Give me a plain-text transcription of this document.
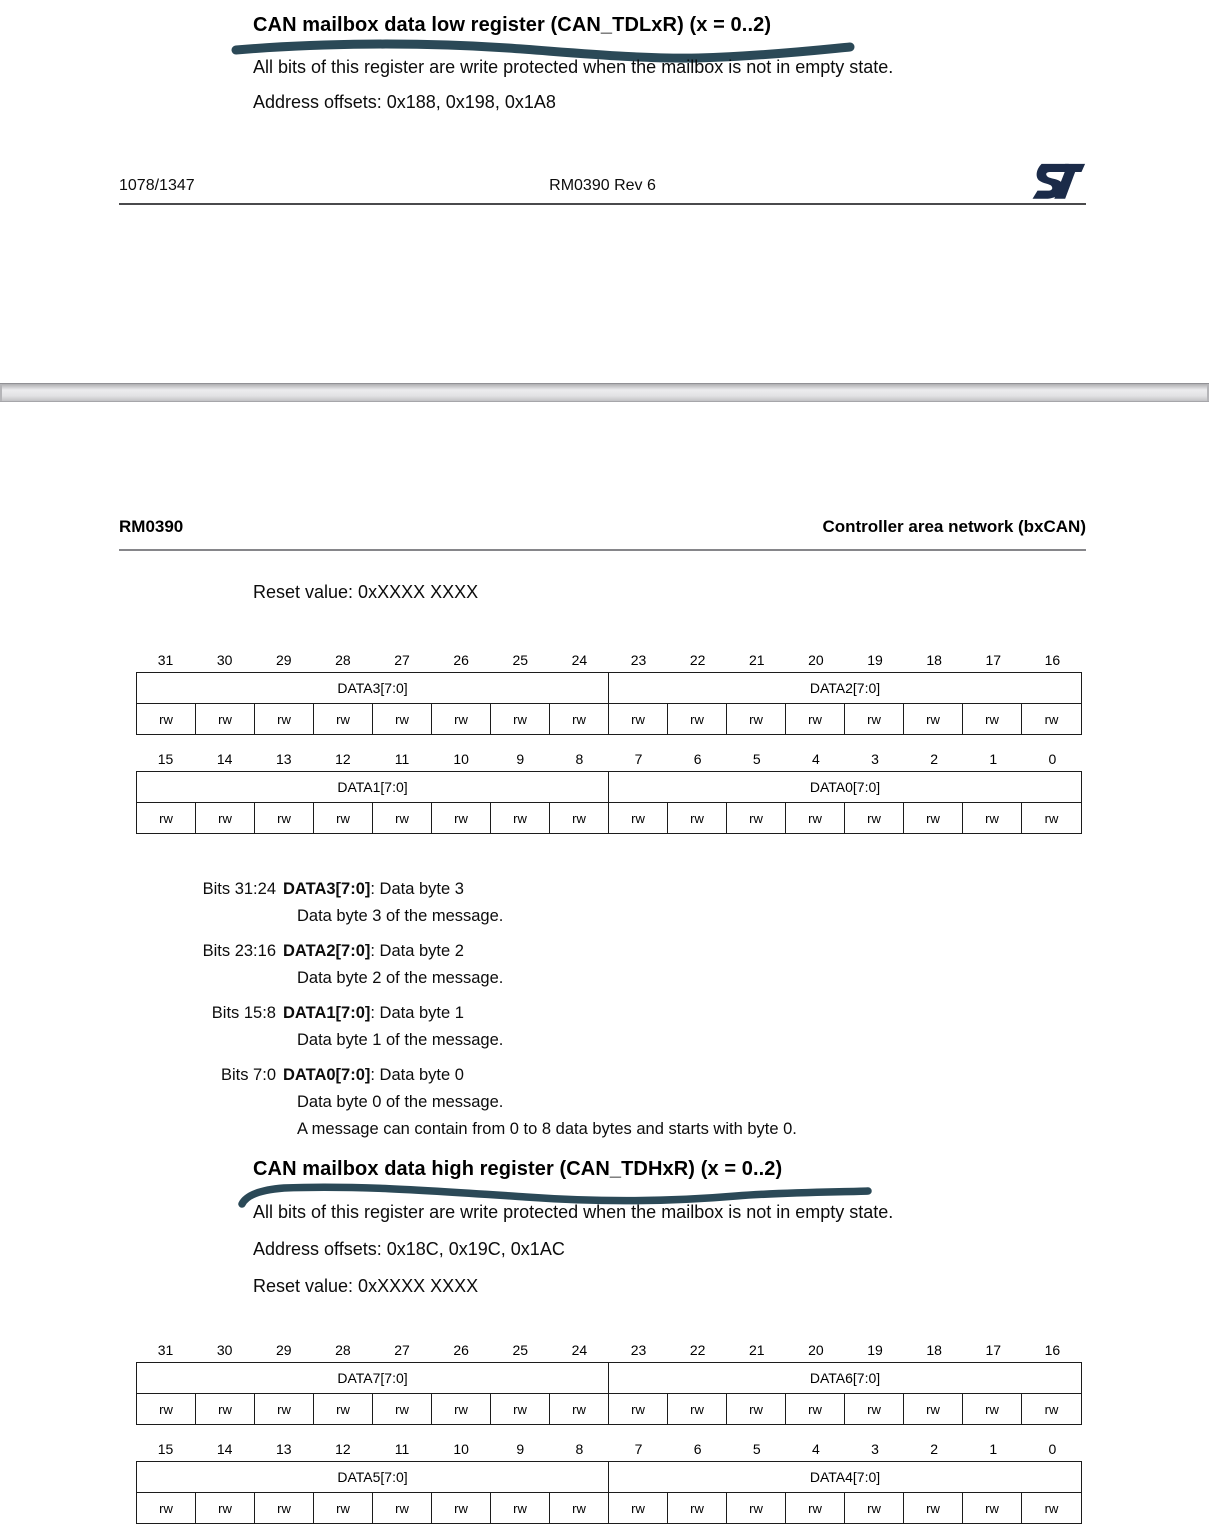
CAN mailbox data low register (CAN_TDLxR) (x = 0..2)
All bits of this register are write protected when the mailbox is not in empty state.
Address offsets: 0x188, 0x198, 0x1A8
1078/1347	RM0390 Rev 6
RM0390	Controller area network (bxCAN)
Reset value: 0xXXXX XXXX
31	30	29	28	27	26	25	24	23	22	21	20	19	18	17	16
DATA3[7:0]	DATA2[7:0]
rw	rw	rw	rw	rw	rw	rw	rw	rw	rw	rw	rw	rw	rw	rw	rw
15	14	13	12	11	10	9	8	7	6	5	4	3	2	1	0
DATA1[7:0]	DATA0[7:0]
rw	rw	rw	rw	rw	rw	rw	rw	rw	rw	rw	rw	rw	rw	rw	rw
Bits 31:24 DATA3[7:0]: Data byte 3
Data byte 3 of the message.
Bits 23:16 DATA2[7:0]: Data byte 2
Data byte 2 of the message.
Bits 15:8 DATA1[7:0]: Data byte 1
Data byte 1 of the message.
Bits 7:0 DATA0[7:0]: Data byte 0
Data byte 0 of the message.
A message can contain from 0 to 8 data bytes and starts with byte 0.
CAN mailbox data high register (CAN_TDHxR) (x = 0..2)
All bits of this register are write protected when the mailbox is not in empty state.
Address offsets: 0x18C, 0x19C, 0x1AC
Reset value: 0xXXXX XXXX
31	30	29	28	27	26	25	24	23	22	21	20	19	18	17	16
DATA7[7:0]	DATA6[7:0]
rw	rw	rw	rw	rw	rw	rw	rw	rw	rw	rw	rw	rw	rw	rw	rw
15	14	13	12	11	10	9	8	7	6	5	4	3	2	1	0
DATA5[7:0]	DATA4[7:0]
rw	rw	rw	rw	rw	rw	rw	rw	rw	rw	rw	rw	rw	rw	rw	rw
